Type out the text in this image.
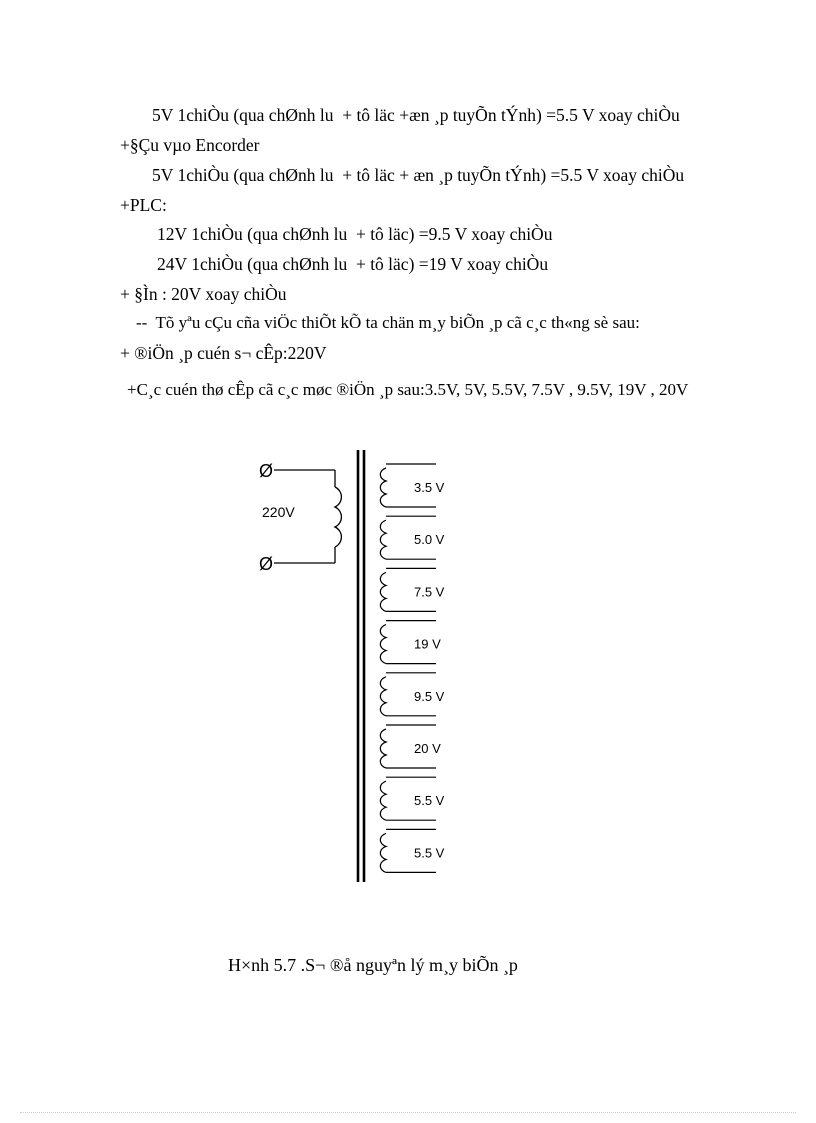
5V 1chiÒu (qua chØnh lu  + tô läc +æn ¸p tuyÕn tÝnh) =5.5 V xoay chiÒu
+§Çu vµo Encorder
5V 1chiÒu (qua chØnh lu  + tô läc + æn ¸p tuyÕn tÝnh) =5.5 V xoay chiÒu
+PLC:
12V 1chiÒu (qua chØnh lu  + tô läc) =9.5 V xoay chiÒu
24V 1chiÒu (qua chØnh lu  + tô läc) =19 V xoay chiÒu
+ §Ìn : 20V xoay chiÒu
--  Tõ yªu cÇu cña viÖc thiÕt kÕ ta chän m¸y biÕn ¸p cã c¸c th«ng sè sau:
+ ®iÖn ¸p cuén s¬ cÊp:220V
+C¸c cuén thø cÊp cã c¸c møc ®iÖn ¸p sau:3.5V, 5V, 5.5V, 7.5V , 9.5V, 19V , 20V
Ø
Ø
220V
3.5 V
5.0 V
7.5 V
19 V
9.5 V
20 V
5.5 V
5.5 V
H×nh 5.7 .S¬ ®å nguyªn lý m¸y biÕn ¸p
